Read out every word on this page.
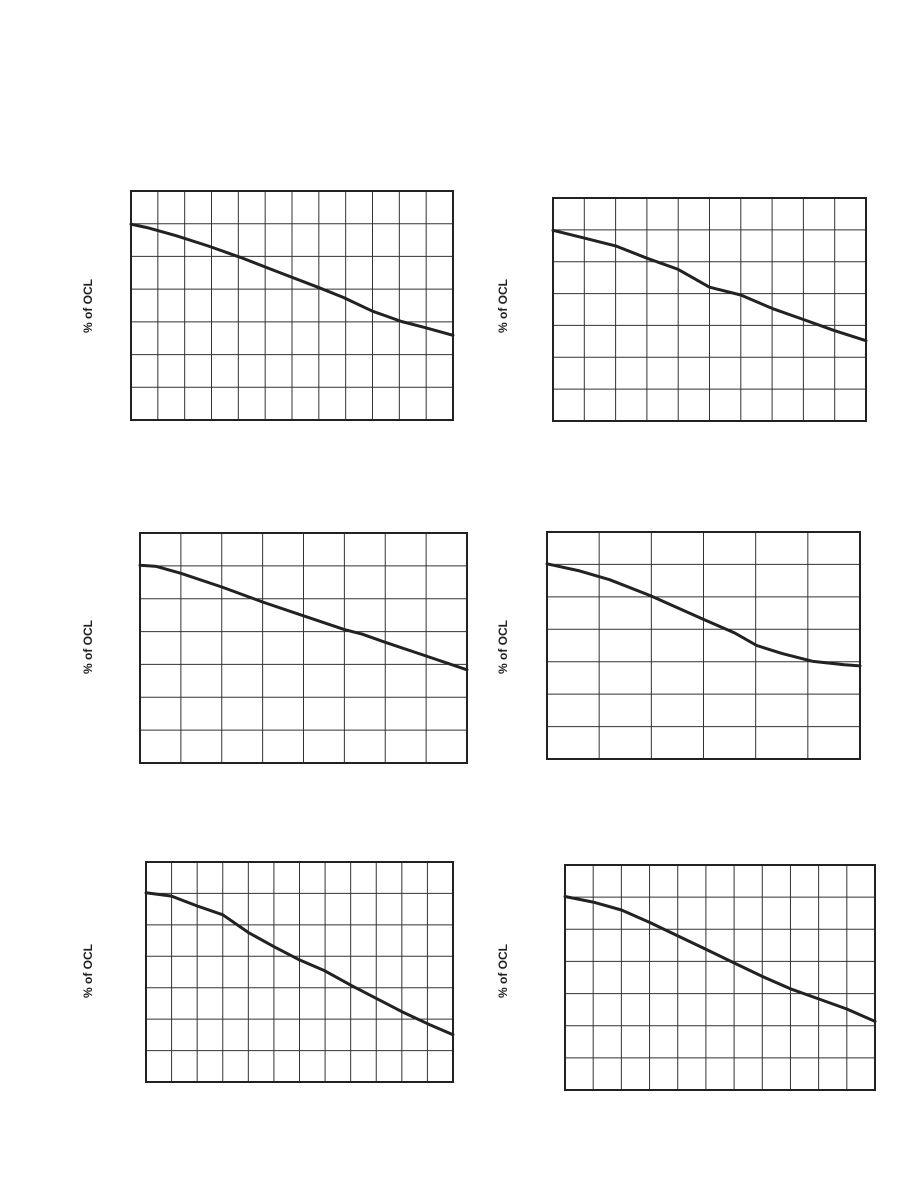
% of OCL	% of OCL
% of OCL	% of OCL
% of OCL	% of OCL
